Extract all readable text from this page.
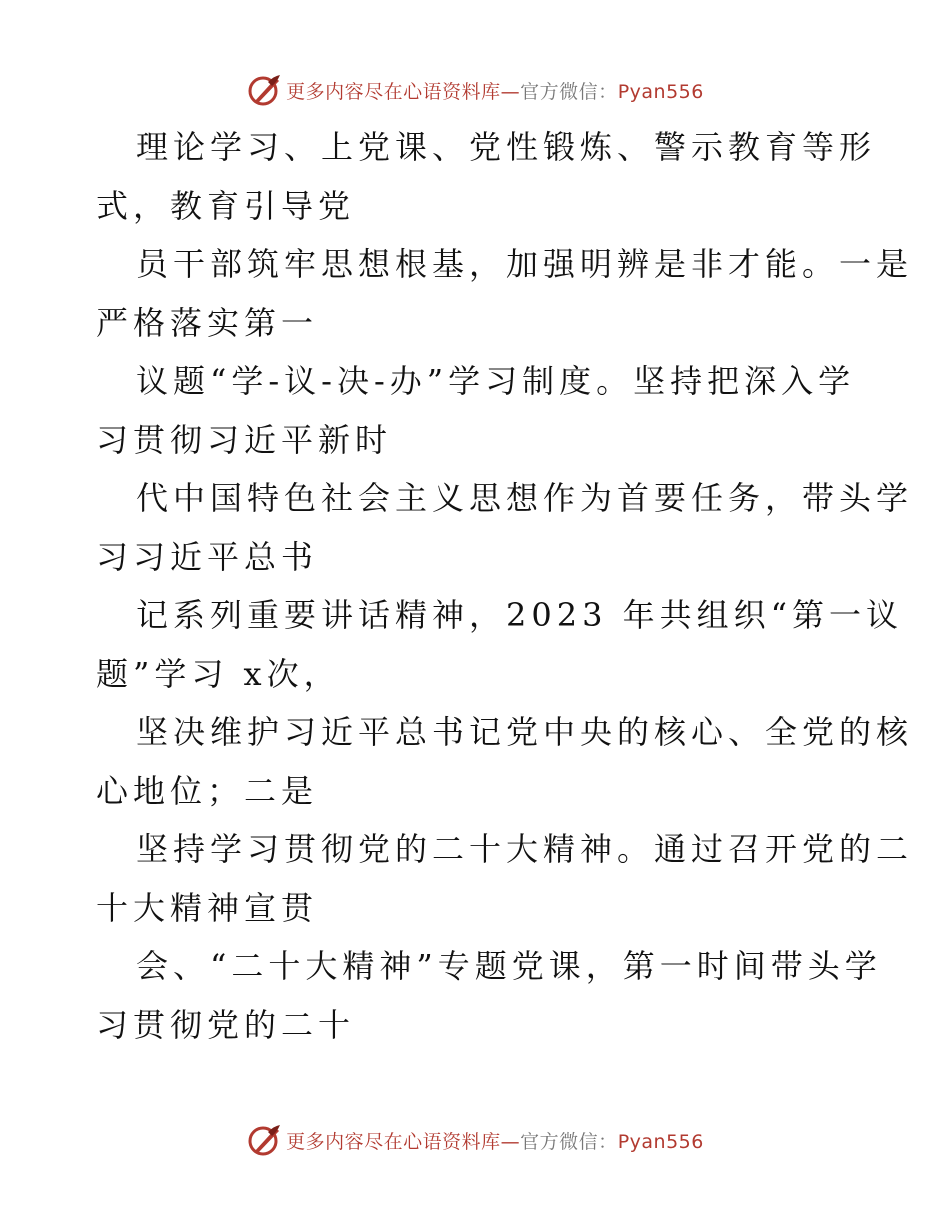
更多内容尽在心语资料库—官方微信：Pyan556
理论学习、上党课、党性锻炼、警示教育等形
式，教育引导党
员干部筑牢思想根基，加强明辨是非才能。一是
严格落实第一
议题“学-议-决-办”学习制度。坚持把深入学
习贯彻习近平新时
代中国特色社会主义思想作为首要任务，带头学
习习近平总书
记系列重要讲话精神，2023 年共组织“第一议
题”学习 x次，
坚决维护习近平总书记党中央的核心、全党的核
心地位；二是
坚持学习贯彻党的二十大精神。通过召开党的二
十大精神宣贯
会、“二十大精神”专题党课，第一时间带头学
习贯彻党的二十
更多内容尽在心语资料库—官方微信：Pyan556
